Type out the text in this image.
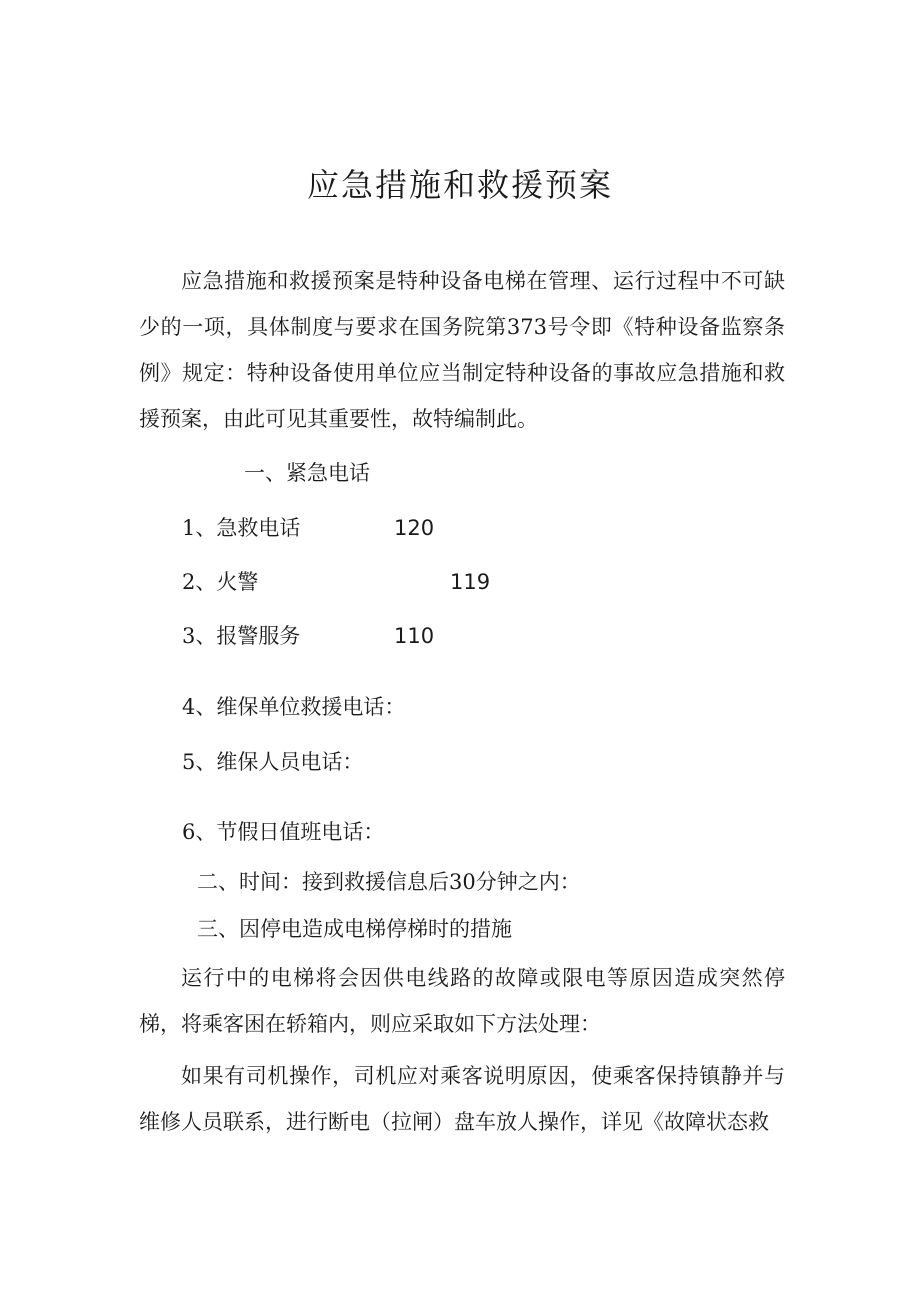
应急措施和救援预案
应急措施和救援预案是特种设备电梯在管理、运行过程中不可缺少的一项，具体制度与要求在国务院第373号令即《特种设备监察条例》规定：特种设备使用单位应当制定特种设备的事故应急措施和救援预案，由此可见其重要性，故特编制此。
一、紧急电话
1、急救电话	120
2、火警	119
3、报警服务	110
4、维保单位救援电话：
5、维保人员电话：
6、节假日值班电话：
二、时间：接到救援信息后30分钟之内：
三、因停电造成电梯停梯时的措施
运行中的电梯将会因供电线路的故障或限电等原因造成突然停梯，将乘客困在轿箱内，则应采取如下方法处理：
如果有司机操作，司机应对乘客说明原因，使乘客保持镇静并与维修人员联系，进行断电（拉闸）盘车放人操作，详见《故障状态救
